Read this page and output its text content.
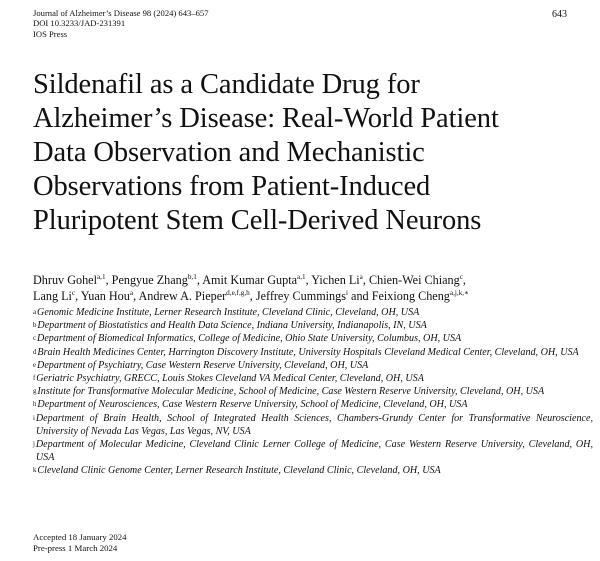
Journal of Alzheimer’s Disease 98 (2024) 643–657
DOI 10.3233/JAD-231391
IOS Press
643
Sildenafil as a Candidate Drug for
Alzheimer’s Disease: Real-World Patient
Data Observation and Mechanistic
Observations from Patient-Induced
Pluripotent Stem Cell-Derived Neurons
Dhruv Gohel$^{a,1}$, Pengyue Zhang$^{b,1}$, Amit Kumar Gupta$^{a,1}$, Yichen Li$^a$, Chien-Wei Chiang$^c$,
Lang Li$^c$, Yuan Hou$^a$, Andrew A. Pieper$^{d,e,f,g,h}$, Jeffrey Cummings$^i$ and Feixiong Cheng$^{a,j,k,∗}$
a Genomic Medicine Institute, Lerner Research Institute, Cleveland Clinic, Cleveland, OH, USA
b Department of Biostatistics and Health Data Science, Indiana University, Indianapolis, IN, USA
c Department of Biomedical Informatics, College of Medicine, Ohio State University, Columbus, OH, USA
d Brain Health Medicines Center, Harrington Discovery Institute, University Hospitals Cleveland Medical Center, Cleveland, OH, USA
e Department of Psychiatry, Case Western Reserve University, Cleveland, OH, USA
f Geriatric Psychiatry, GRECC, Louis Stokes Cleveland VA Medical Center, Cleveland, OH, USA
g Institute for Transformative Molecular Medicine, School of Medicine, Case Western Reserve University, Cleveland, OH, USA
h Department of Neurosciences, Case Western Reserve University, School of Medicine, Cleveland, OH, USA
i Department of Brain Health, School of Integrated Health Sciences, Chambers-Grundy Center for Transformative Neuroscience, University of Nevada Las Vegas, Las Vegas, NV, USA
j Department of Molecular Medicine, Cleveland Clinic Lerner College of Medicine, Case Western Reserve University, Cleveland, OH, USA
k Cleveland Clinic Genome Center, Lerner Research Institute, Cleveland Clinic, Cleveland, OH, USA
Accepted 18 January 2024
Pre-press 1 March 2024
